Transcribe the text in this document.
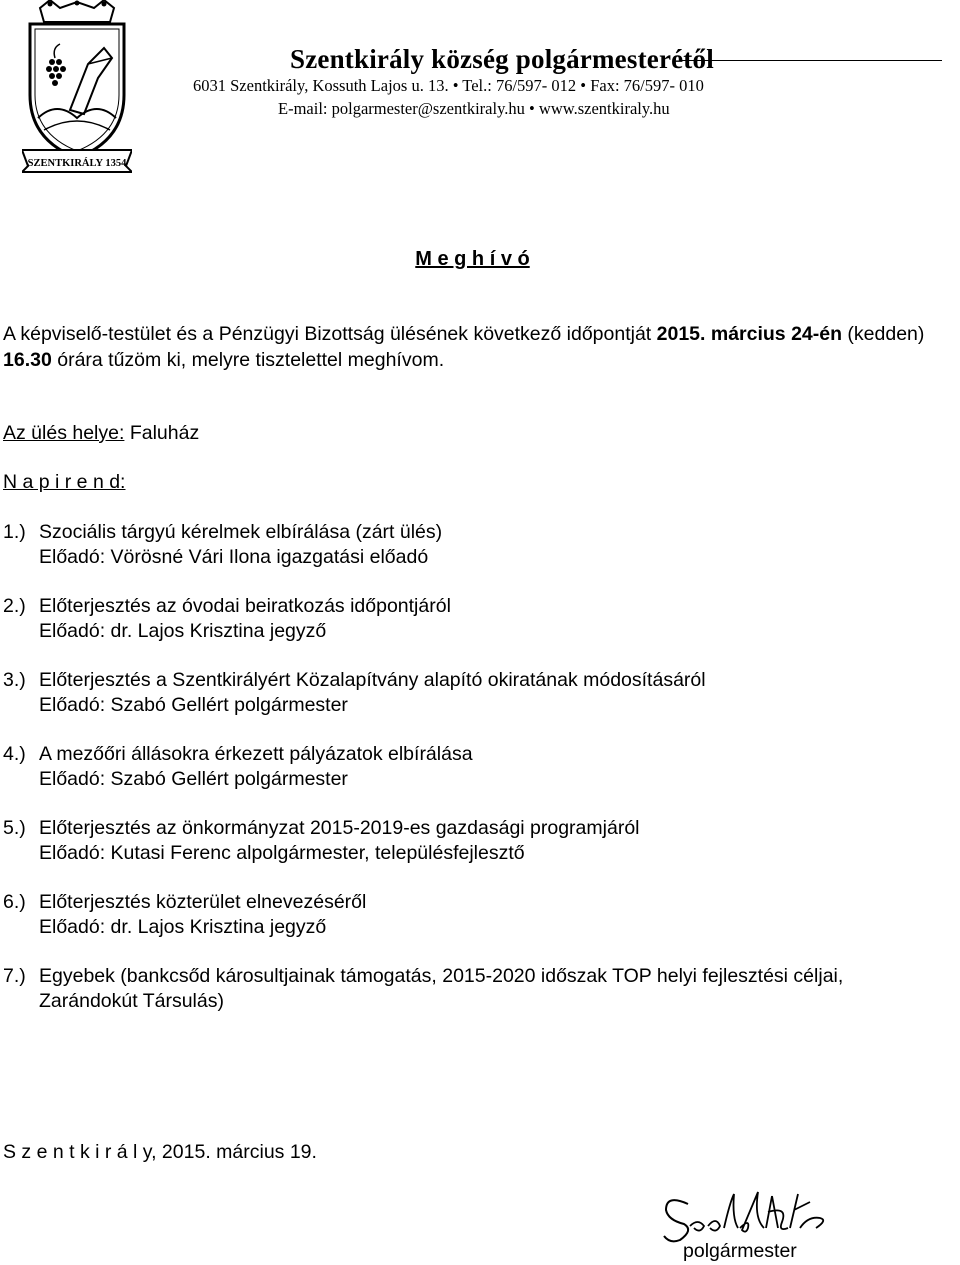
SZENTKIRÁLY 1354
Szentkirály község polgármesterétől
6031 Szentkirály, Kossuth Lajos u. 13. • Tel.: 76/597- 012 • Fax: 76/597- 010
E-mail: polgarmester@szentkiraly.hu • www.szentkiraly.hu
M e g h í v ó
A képviselő-testület és a Pénzügyi Bizottság ülésének következő időpontját 2015. március 24-én (kedden) 16.30 órára tűzöm ki, melyre tisztelettel meghívom.
Az ülés helye: Faluház
N a p i r e n d:
1.) Szociális tárgyú kérelmek elbírálása (zárt ülés)
Előadó: Vörösné Vári Ilona igazgatási előadó
2.) Előterjesztés az óvodai beiratkozás időpontjáról
Előadó: dr. Lajos Krisztina jegyző
3.) Előterjesztés a Szentkirályért Közalapítvány alapító okiratának módosításáról
Előadó: Szabó Gellért polgármester
4.) A mezőőri állásokra érkezett pályázatok elbírálása
Előadó: Szabó Gellért polgármester
5.) Előterjesztés az önkormányzat 2015-2019-es gazdasági programjáról
Előadó: Kutasi Ferenc alpolgármester, településfejlesztő
6.) Előterjesztés közterület elnevezéséről
Előadó: dr. Lajos Krisztina jegyző
7.) Egyebek (bankcsőd károsultjainak támogatás, 2015-2020 időszak TOP helyi fejlesztési céljai, Zarándokút Társulás)
S z e n t k i r á l y, 2015. március 19.
polgármester
